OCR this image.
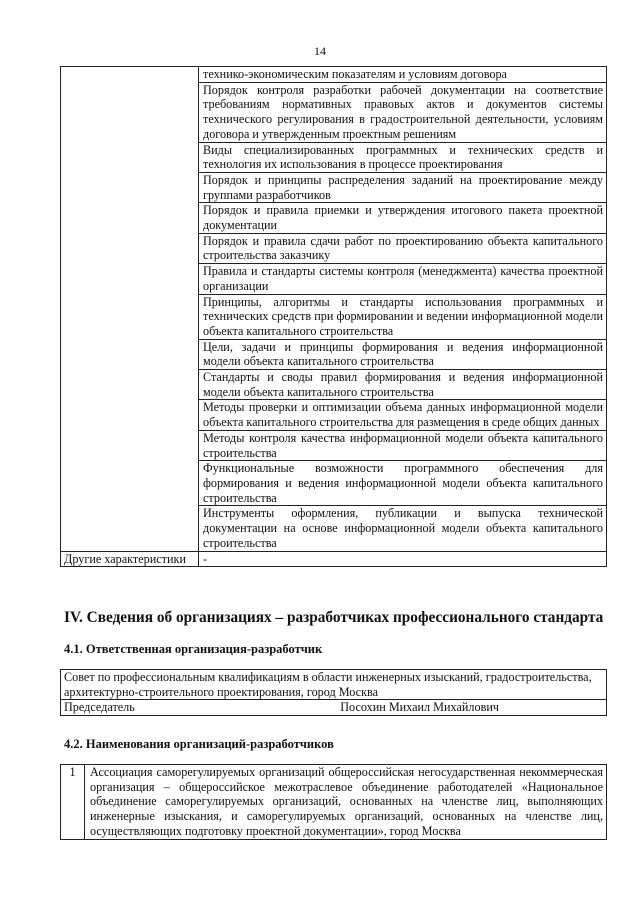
14
	технико-экономическим показателям и условиям договора
	Порядок контроля разработки рабочей документации на соответствие требованиям нормативных правовых актов и документов системы технического регулирования в градостроительной деятельности, условиям договора и утвержденным проектным решениям
	Виды специализированных программных и технических средств и технология их использования в процессе проектирования
	Порядок и принципы распределения заданий на проектирование между группами разработчиков
	Порядок и правила приемки и утверждения итогового пакета проектной документации
	Порядок и правила сдачи работ по проектированию объекта капитального строительства заказчику
	Правила и стандарты системы контроля (менеджмента) качества проектной организации
	Принципы, алгоритмы и стандарты использования программных и технических средств при формировании и ведении информационной модели объекта капитального строительства
	Цели, задачи и принципы формирования и ведения информационной модели объекта капитального строительства
	Стандарты и своды правил формирования и ведения информационной модели объекта капитального строительства
	Методы проверки и оптимизации объема данных информационной модели объекта капитального строительства для размещения в среде общих данных
	Методы контроля качества информационной модели объекта капитального строительства
	Функциональные возможности программного обеспечения для формирования и ведения информационной модели объекта капитального строительства
	Инструменты оформления, публикации и выпуска технической документации на основе информационной модели объекта капитального строительства
Другие характеристики	-
IV. Сведения об организациях – разработчиках профессионального стандарта
4.1. Ответственная организация-разработчик
Совет по профессиональным квалификациям в области инженерных изысканий, градостроительства, архитектурно-строительного проектирования, город Москва

Председатель	Посохин Михаил Михайлович
4.2. Наименования организаций-разработчиков
1	Ассоциация саморегулируемых организаций общероссийская негосударственная некоммерческая организация – общероссийское межотраслевое объединение работодателей «Национальное объединение саморегулируемых организаций, основанных на членстве лиц, выполняющих инженерные изыскания, и саморегулируемых организаций, основанных на членстве лиц, осуществляющих подготовку проектной документации», город Москва
